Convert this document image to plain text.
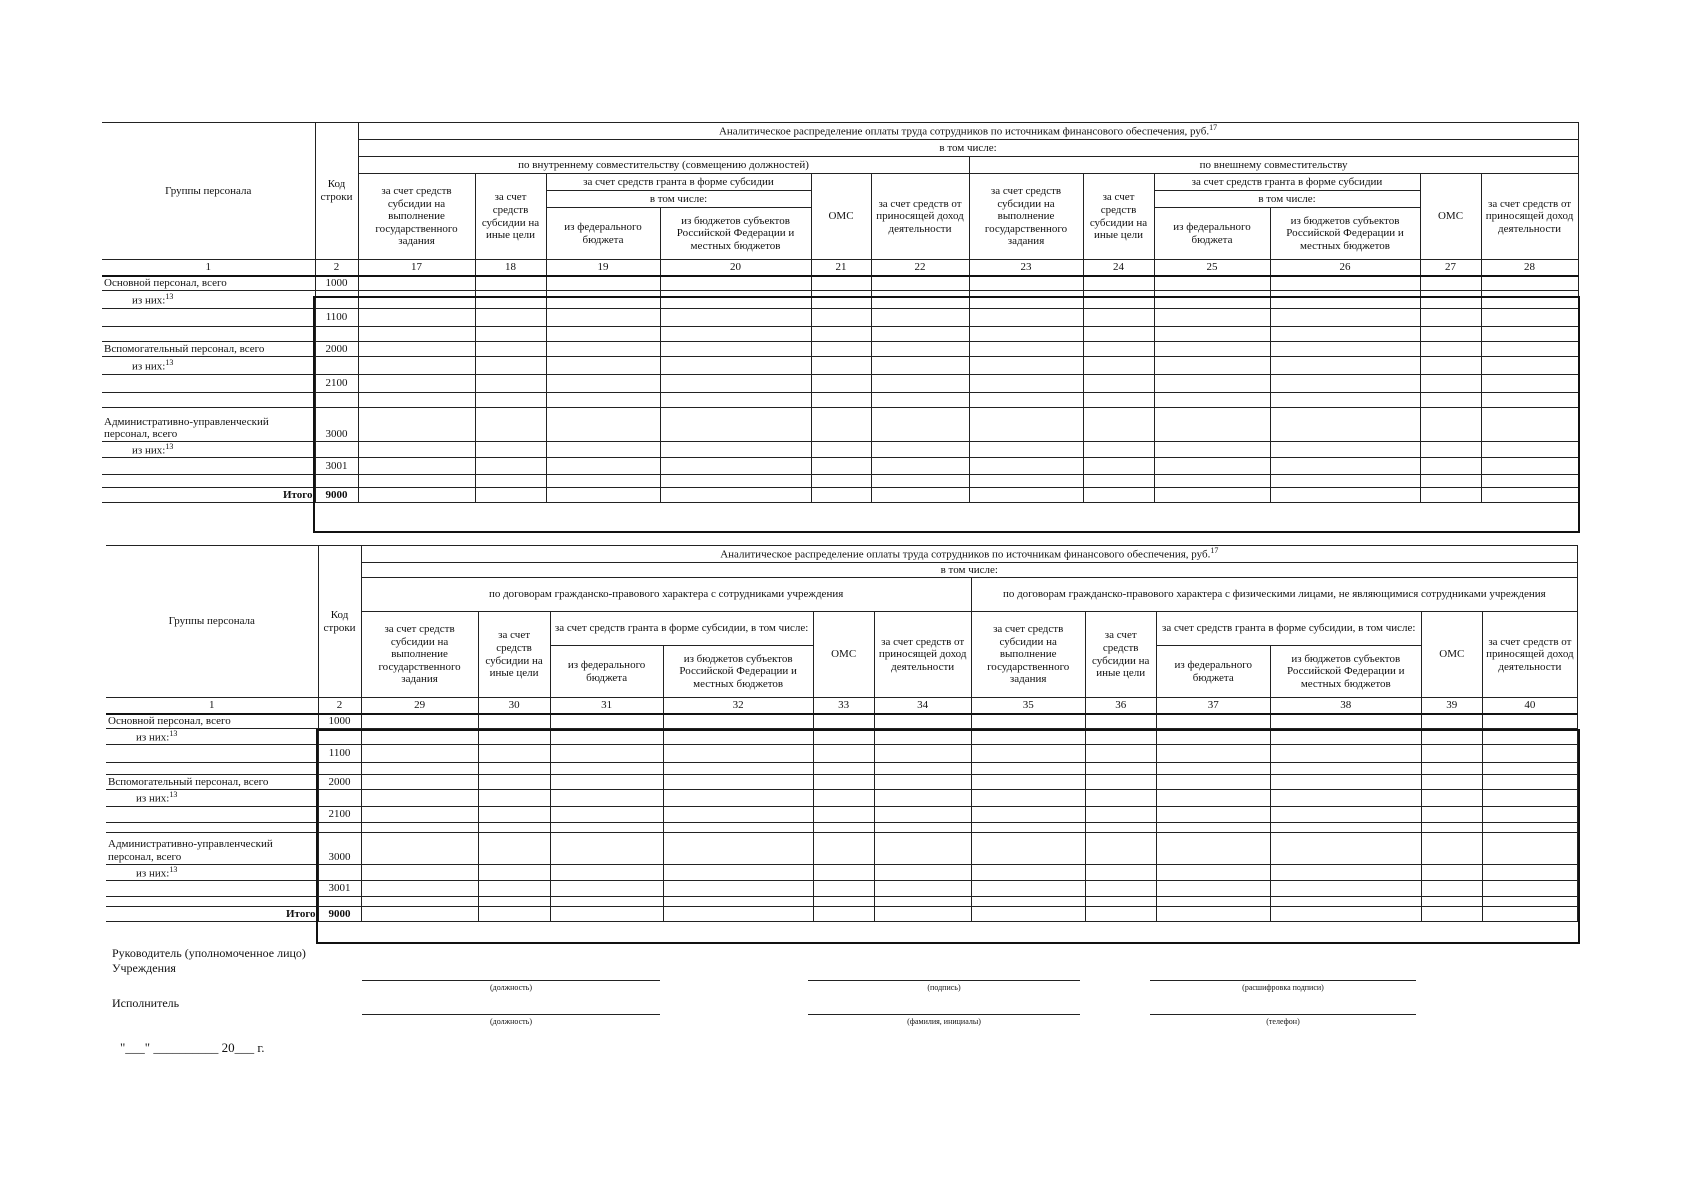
Группы персонала	Код строки	Аналитическое распределение оплаты труда сотрудников по источникам финансового обеспечения, руб.$^{17}$
		в том числе:											
		по внутреннему совместительству (совмещению должностей)						по внешнему совместительству					
		за счет средств субсидии на выполнение государственного задания	за счет средств субсидии на иные цели	за счет средств гранта в форме субсидии		ОМС	за счет средств от приносящей доход деятельности	за счет средств субсидии на выполнение государственного задания	за счет средств субсидии на иные цели	за счет средств гранта в форме субсидии		ОМС	за счет средств от приносящей доход деятельности
				в том числе:						в том числе:			
				из федерального бюджета	из бюджетов субъектов Российской Федерации и местных бюджетов					из федерального бюджета	из бюджетов субъектов Российской Федерации и местных бюджетов		
1	2	17	18	19	20	21	22	23	24	25	26	27	28
Основной персонал, всего	1000												
из них:$^{13}$													
	1100												

Вспомогательный персонал, всего	2000												
из них:$^{13}$													
	2100												

Административно-управленческий персонал, всего	3000												
из них:$^{13}$													
	3001												

Итого	9000												
Группы персонала	Код строки	Аналитическое распределение оплаты труда сотрудников по источникам финансового обеспечения, руб.$^{17}$
		в том числе:											
		по договорам гражданско-правового характера с сотрудниками учреждения						по договорам гражданско-правового характера с физическими лицами, не являющимися сотрудниками учреждения					
		за счет средств субсидии на выполнение государственного задания	за счет средств субсидии на иные цели	за счет средств гранта в форме субсидии, в том числе:		ОМС	за счет средств от приносящей доход деятельности	за счет средств субсидии на выполнение государственного задания	за счет средств субсидии на иные цели	за счет средств гранта в форме субсидии, в том числе:		ОМС	за счет средств от приносящей доход деятельности
				из федерального бюджета	из бюджетов субъектов Российской Федерации и местных бюджетов					из федерального бюджета	из бюджетов субъектов Российской Федерации и местных бюджетов		

1	2	29	30	31	32	33	34	35	36	37	38	39	40
Основной персонал, всего	1000												
из них:$^{13}$													
	1100												

Вспомогательный персонал, всего	2000												
из них:$^{13}$													
	2100												

Административно-управленческий персонал, всего	3000												
из них:$^{13}$													
	3001												

Итого	9000												
Руководитель (уполномоченное лицо) Учреждения
Исполнитель
(должность)	(подпись)	(расшифровка подписи)
(должность)	(фамилия, инициалы)	(телефон)
"___" __________ 20___ г.
